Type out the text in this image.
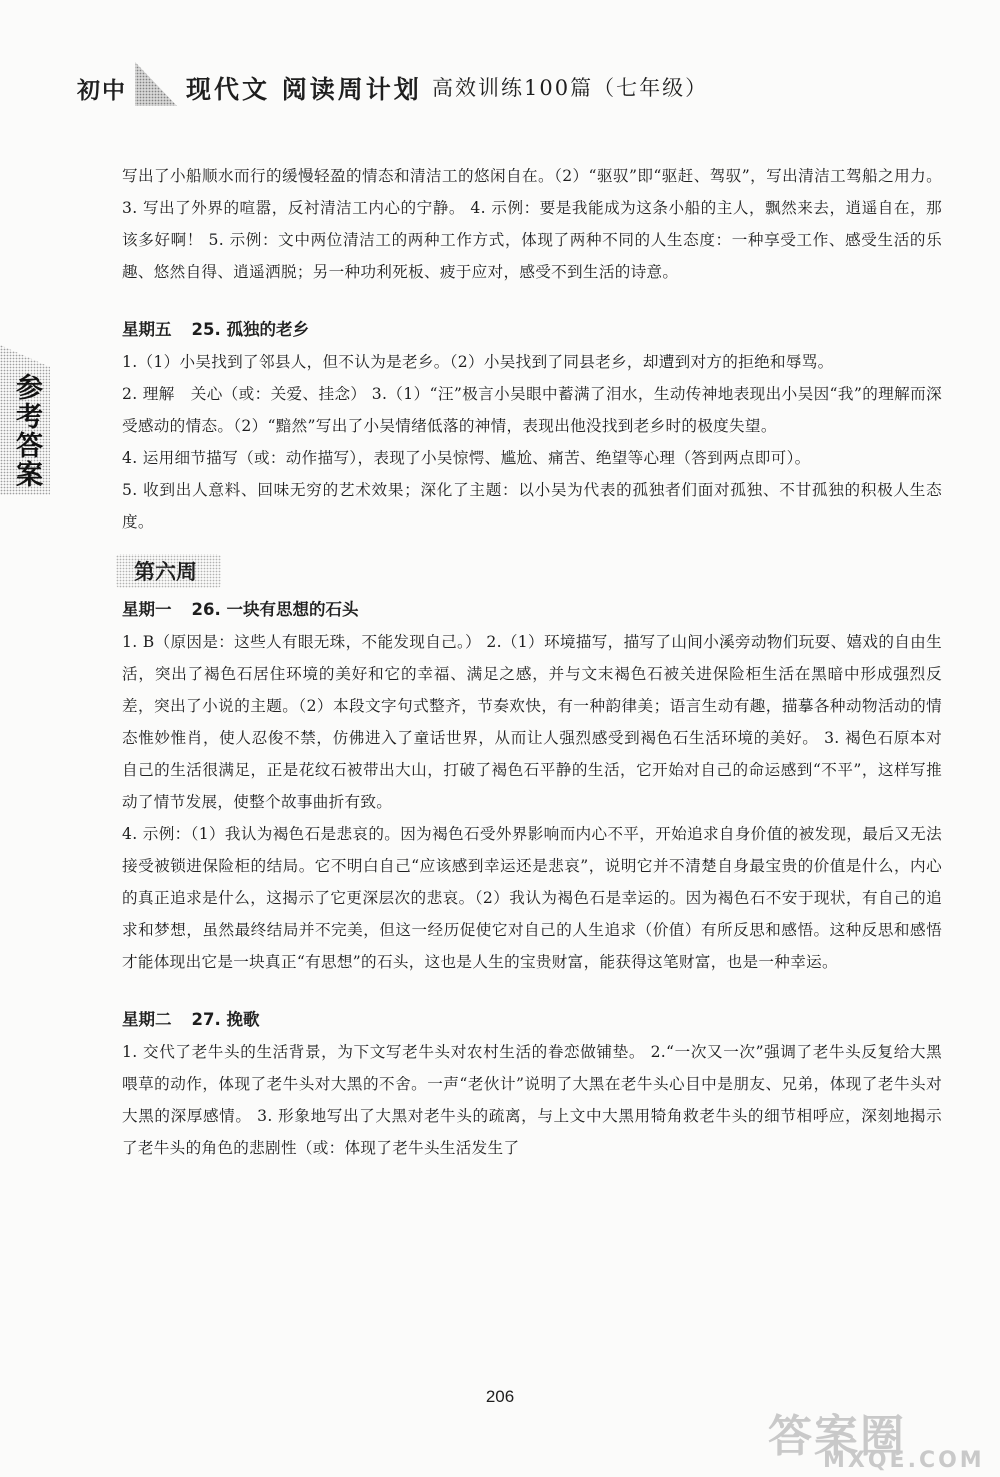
初中 现代文 阅读周计划 高效训练100篇（七年级）
参考答案

写出了小船顺水而行的缓慢轻盈的情态和清洁工的悠闲自在。（2）“驱驭”即“驱赶、驾驭”，写出清洁工驾船之用力。 3. 写出了外界的喧嚣，反衬清洁工内心的宁静。 4. 示例：要是我能成为这条小船的主人，飘然来去，逍遥自在，那该多好啊！ 5. 示例：文中两位清洁工的两种工作方式，体现了两种不同的人生态度：一种享受工作、感受生活的乐趣、悠然自得、逍遥洒脱；另一种功利死板、疲于应对，感受不到生活的诗意。

星期五 25. 孤独的老乡

1.（1）小吴找到了邻县人，但不认为是老乡。（2）小吴找到了同县老乡，却遭到对方的拒绝和辱骂。

2. 理解　关心（或：关爱、挂念） 3.（1）“汪”极言小吴眼中蓄满了泪水，生动传神地表现出小吴因“我”的理解而深受感动的情态。（2）“黯然”写出了小吴情绪低落的神情，表现出他没找到老乡时的极度失望。

4. 运用细节描写（或：动作描写），表现了小吴惊愕、尴尬、痛苦、绝望等心理（答到两点即可）。

5. 收到出人意料、回味无穷的艺术效果；深化了主题：以小吴为代表的孤独者们面对孤独、不甘孤独的积极人生态度。

第六周

星期一 26. 一块有思想的石头

1. B（原因是：这些人有眼无珠，不能发现自己。） 2.（1）环境描写，描写了山间小溪旁动物们玩耍、嬉戏的自由生活，突出了褐色石居住环境的美好和它的幸福、满足之感，并与文末褐色石被关进保险柜生活在黑暗中形成强烈反差，突出了小说的主题。（2）本段文字句式整齐，节奏欢快，有一种韵律美；语言生动有趣，描摹各种动物活动的情态惟妙惟肖，使人忍俊不禁，仿佛进入了童话世界，从而让人强烈感受到褐色石生活环境的美好。 3. 褐色石原本对自己的生活很满足，正是花纹石被带出大山，打破了褐色石平静的生活，它开始对自己的命运感到“不平”，这样写推动了情节发展，使整个故事曲折有致。

4. 示例：（1）我认为褐色石是悲哀的。因为褐色石受外界影响而内心不平，开始追求自身价值的被发现，最后又无法接受被锁进保险柜的结局。它不明白自己“应该感到幸运还是悲哀”，说明它并不清楚自身最宝贵的价值是什么，内心的真正追求是什么，这揭示了它更深层次的悲哀。（2）我认为褐色石是幸运的。因为褐色石不安于现状，有自己的追求和梦想，虽然最终结局并不完美，但这一经历促使它对自己的人生追求（价值）有所反思和感悟。这种反思和感悟才能体现出它是一块真正“有思想”的石头，这也是人生的宝贵财富，能获得这笔财富，也是一种幸运。

星期二 27. 挽歌

1. 交代了老牛头的生活背景，为下文写老牛头对农村生活的眷恋做铺垫。 2.“一次又一次”强调了老牛头反复给大黑喂草的动作，体现了老牛头对大黑的不舍。一声“老伙计”说明了大黑在老牛头心目中是朋友、兄弟，体现了老牛头对大黑的深厚感情。 3. 形象地写出了大黑对老牛头的疏离，与上文中大黑用犄角救老牛头的细节相呼应，深刻地揭示了老牛头的角色的悲剧性（或：体现了老牛头生活发生了

206
答案圈
MXQE.COM
